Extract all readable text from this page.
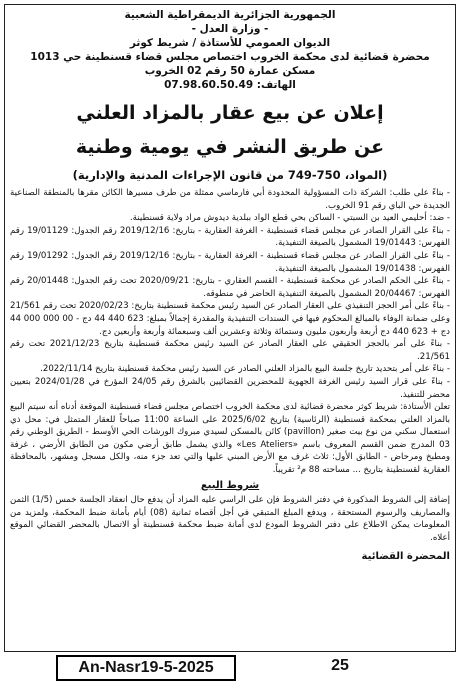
الجمهورية الجزائرية الديمقراطية الشعبية
- وزارة العدل -
الديوان العمومي للأستاذة / شريط كوثر
محضرة قضائية لدى محكمة الخروب اختصاص مجلس قضاء قسنطينة حي 1013
مسكن عمارة 50 رقم 02 الخروب
الهاتف: 07.98.60.50.49
إعلان عن بيع عقار بالمزاد العلني
عن طريق النشر في يومية وطنية
(المواد، 750-749 من قانون الإجراءات المدنية والإدارية)

- بناءً على طلب: الشركة ذات المسؤولية المحدودة أبي فارماسي ممثلة من طرف مسيرها الكائن مقرها بالمنطقة الصناعية الجديدة حي الباي رقم 91 الخروب.

- ضد: أحليمي العيد بن السبتي - الساكن بحي قطع الواد ببلدية ديدوش مراد ولاية قسنطينة.

- بناءً على القرار الصادر عن مجلس قضاء قسنطينة - الغرفة العقارية - بتاريخ: 2019/12/16 رقم الجدول: 19/01129 رقم الفهرس: 19/01443 المشمول بالصيغة التنفيذية.

- بناءً على القرار الصادر عن مجلس قضاء قسنطينة - الغرفة العقارية - بتاريخ: 2019/12/16 رقم الجدول: 19/01292 رقم الفهرس: 19/01438 المشمول بالصيغة التنفيذية.

- بناءً على الحكم الصادر عن محكمة قسنطينة - القسم العقاري - بتاريخ: 2020/09/21 تحت رقم الجدول: 20/01448 رقم الفهرس: 20/04467 المشمول بالصيغة التنفيذية الحاضر في منطوقه.

- بناءً على أمر الحجز التنفيذي على العقار الصادر عن السيد رئيس محكمة قسنطينة بتاريخ: 2020/02/23 تحت رقم 21/561 وعلى ضمانة الوفاء بالمبالغ المحكوم فيها في السندات التنفيذية والمقدرة إجمالاً بمبلغ: 623 440 44 دج - 00 000 000 44 دج + 623 440 دج أربعة وأربعون مليون وستمائة وثلاثة وعشرين ألف وسبعمائة وأربعة وأربعين دج.

- بناءً على أمر بالحجز الحقيقي على العقار الصادر عن السيد رئيس محكمة قسنطينة بتاريخ 2021/12/23 تحت رقم 21/561.

- بناءً على أمر بتحديد تاريخ جلسة البيع بالمزاد العلني الصادر عن السيد رئيس محكمة قسنطينة بتاريخ 2022/11/14.

- بناءً على قرار السيد رئيس الغرفة الجهوية للمحضرين القضائيين بالشرق رقم 24/05 المؤرخ في 2024/01/28 بتعيين محضر للتنفيذ.

تعلن الأستاذة: شريط كوثر محضرة قضائية لدى محكمة الخروب اختصاص مجلس قضاء قسنطينة الموقعة أدناه أنه سيتم البيع بالمزاد العلني بمحكمة قسنطينة (الرئاسية) بتاريخ 2025/6/02 على الساعة 11:00 صباحاً للعقار المتمثل في: محل ذي استعمال سكني من نوع بيت صغير (pavillon) كائن بالمسكن لسيدي مبروك الورشات الحي الأوسط - الطريق الوطني رقم 03 المدرج ضمن القسم المعروف باسم «Les Ateliers» والذي يشمل طابق أرضي مكون من الطابق الأرضي ، غرفة ومطبخ ومرحاض - الطابق الأول: ثلاث غرف مع الأرض المبني عليها والتي تعد جزء منه، والكل مسجل ومشهر، بالمحافظة العقارية لقسنطينة بتاريخ ... مساحته 88 م² تقريباً.

شروط البيع

إضافة إلى الشروط المذكورة في دفتر الشروط فإن على الراسي عليه المزاد أن يدفع حال انعقاد الجلسة خمس (1/5) الثمن والمصاريف والرسوم المستحقة ، ويدفع المبلغ المتبقي في أجل أقصاه ثمانية (08) أيام بأمانة ضبط المحكمة، ولمزيد من المعلومات يمكن الاطلاع على دفتر الشروط المودع لدى أمانة ضبط محكمة قسنطينة أو الاتصال بالمحضر القضائي الموقع أعلاه.

المحضرة القضائية
An-Nasr19-5-2025	25
